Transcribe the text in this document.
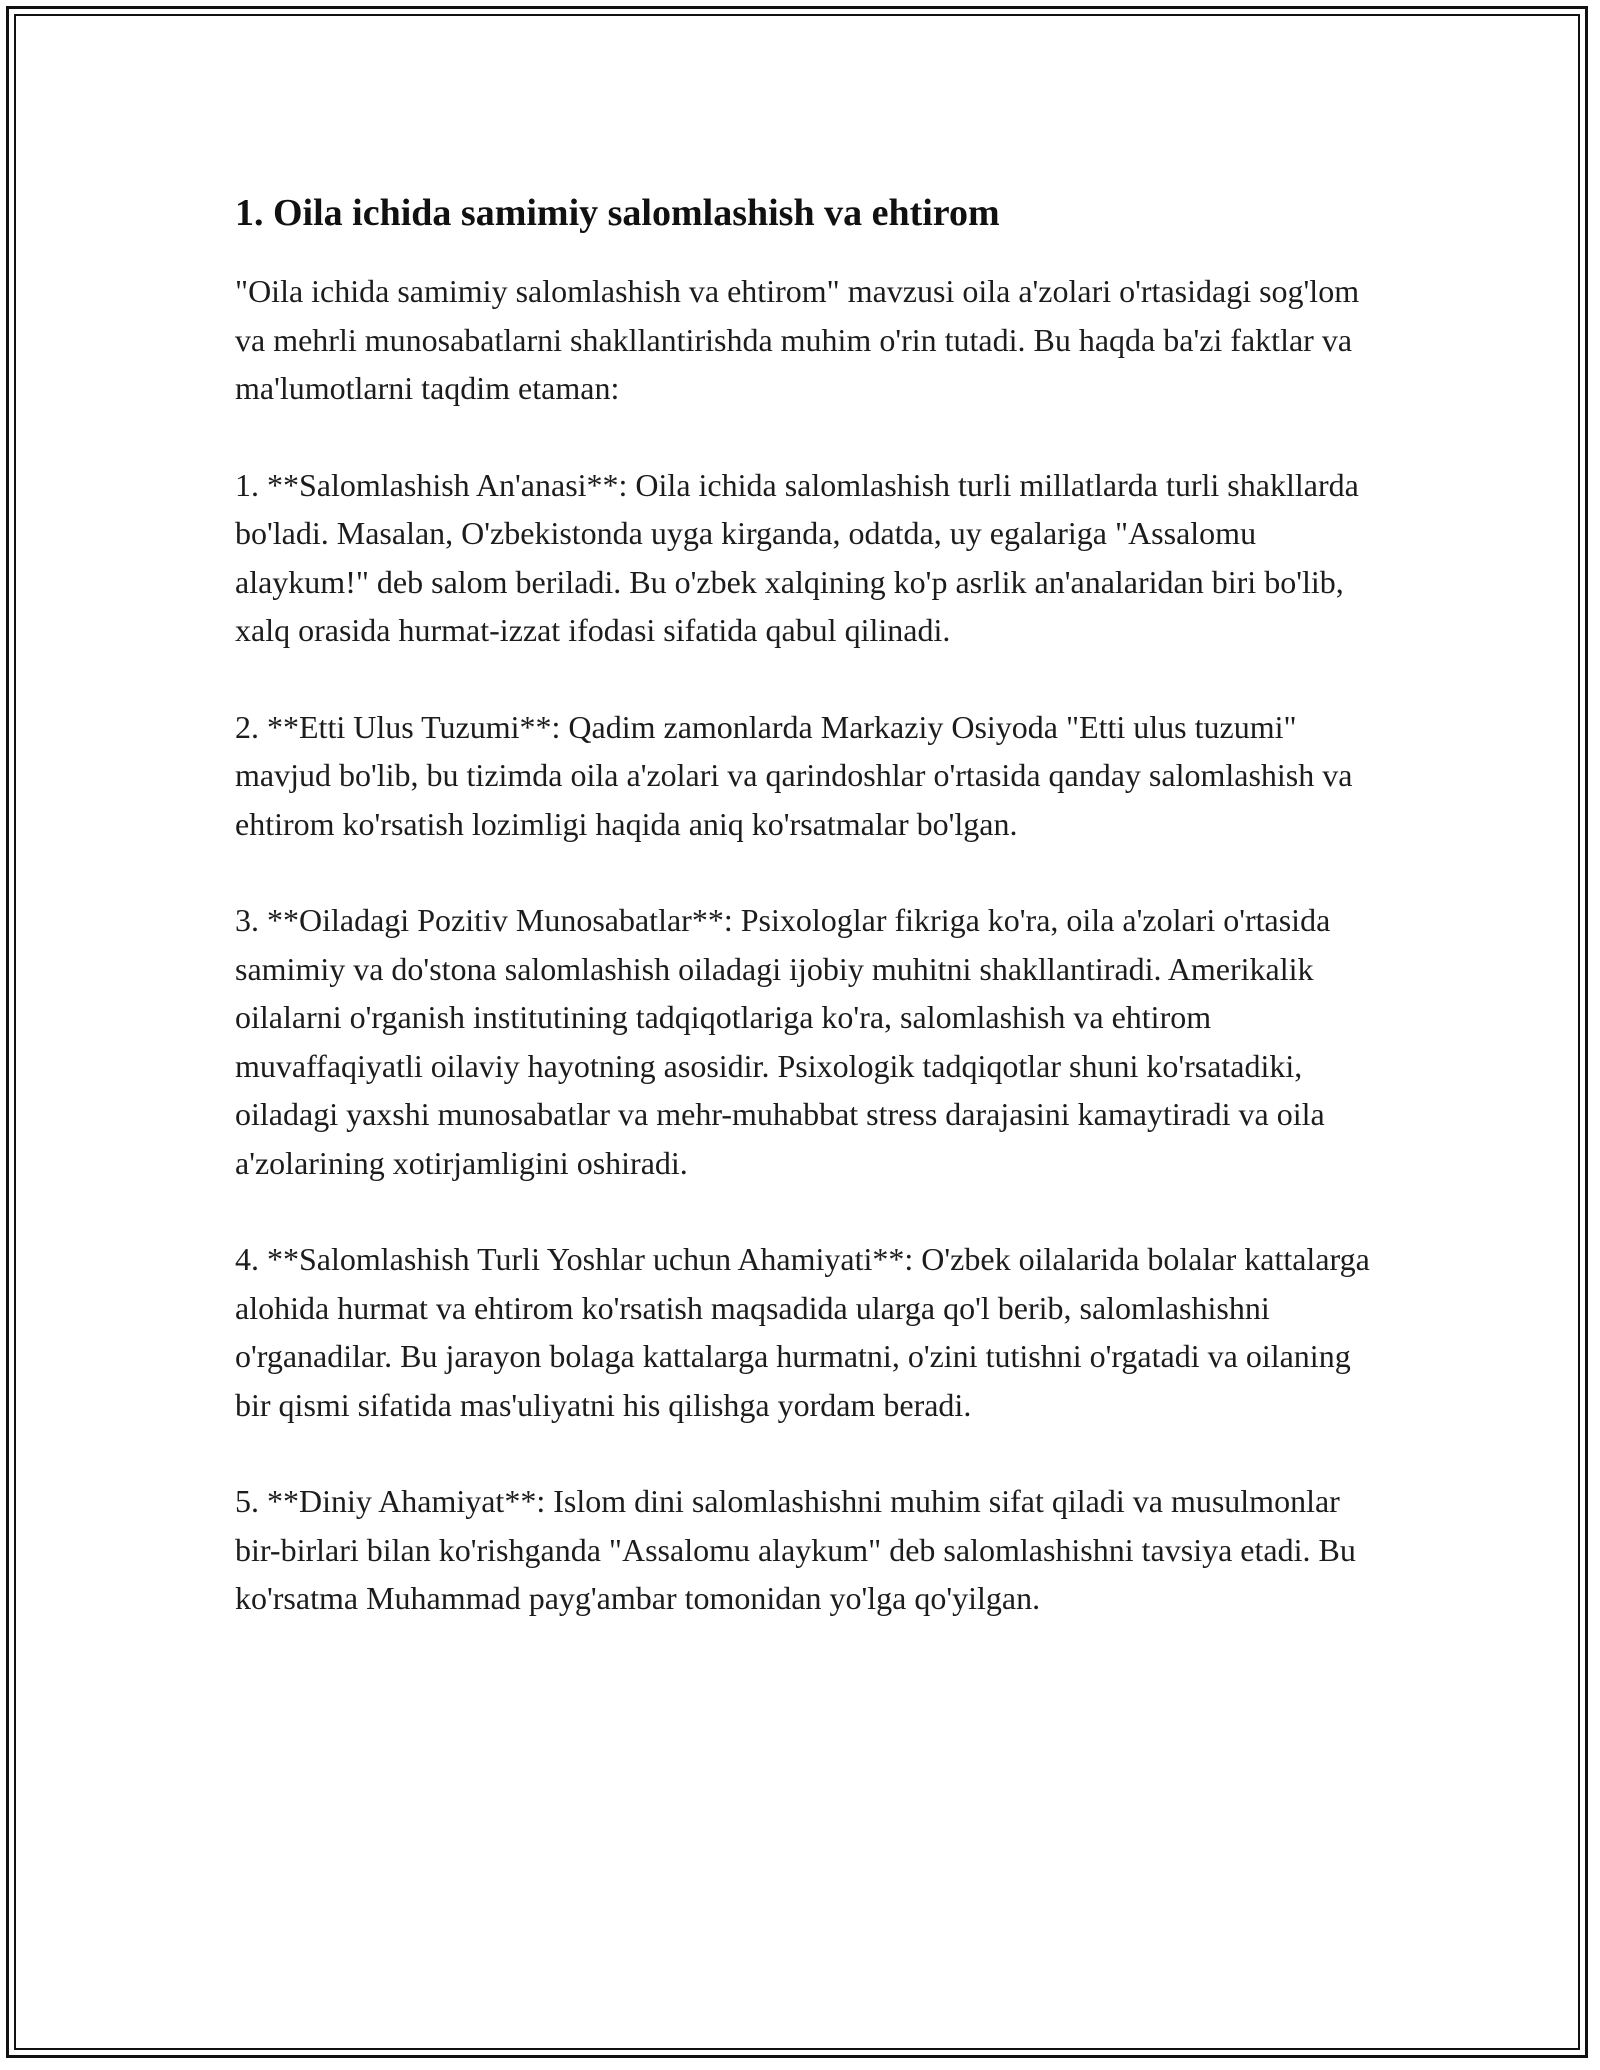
1. Oila ichida samimiy salomlashish va ehtirom

"Oila ichida samimiy salomlashish va ehtirom" mavzusi oila a'zolari o'rtasidagi sog'lom va mehrli munosabatlarni shakllantirishda muhim o'rin tutadi. Bu haqda ba'zi faktlar va ma'lumotlarni taqdim etaman:

1. **Salomlashish An'anasi**: Oila ichida salomlashish turli millatlarda turli shakllarda bo'ladi. Masalan, O'zbekistonda uyga kirganda, odatda, uy egalariga "Assalomu alaykum!" deb salom beriladi. Bu o'zbek xalqining ko'p asrlik an'analaridan biri bo'lib, xalq orasida hurmat-izzat ifodasi sifatida qabul qilinadi.

2. **Etti Ulus Tuzumi**: Qadim zamonlarda Markaziy Osiyoda "Etti ulus tuzumi" mavjud bo'lib, bu tizimda oila a'zolari va qarindoshlar o'rtasida qanday salomlashish va ehtirom ko'rsatish lozimligi haqida aniq ko'rsatmalar bo'lgan.

3. **Oiladagi Pozitiv Munosabatlar**: Psixologlar fikriga ko'ra, oila a'zolari o'rtasida samimiy va do'stona salomlashish oiladagi ijobiy muhitni shakllantiradi. Amerikalik oilalarni o'rganish institutining tadqiqotlariga ko'ra, salomlashish va ehtirom muvaffaqiyatli oilaviy hayotning asosidir. Psixologik tadqiqotlar shuni ko'rsatadiki, oiladagi yaxshi munosabatlar va mehr-muhabbat stress darajasini kamaytiradi va oila a'zolarining xotirjamligini oshiradi.

4. **Salomlashish Turli Yoshlar uchun Ahamiyati**: O'zbek oilalarida bolalar kattalarga alohida hurmat va ehtirom ko'rsatish maqsadida ularga qo'l berib, salomlashishni o'rganadilar. Bu jarayon bolaga kattalarga hurmatni, o'zini tutishni o'rgatadi va oilaning bir qismi sifatida mas'uliyatni his qilishga yordam beradi.

5. **Diniy Ahamiyat**: Islom dini salomlashishni muhim sifat qiladi va musulmonlar bir-birlari bilan ko'rishganda "Assalomu alaykum" deb salomlashishni tavsiya etadi. Bu ko'rsatma Muhammad payg'ambar tomonidan yo'lga qo'yilgan.
